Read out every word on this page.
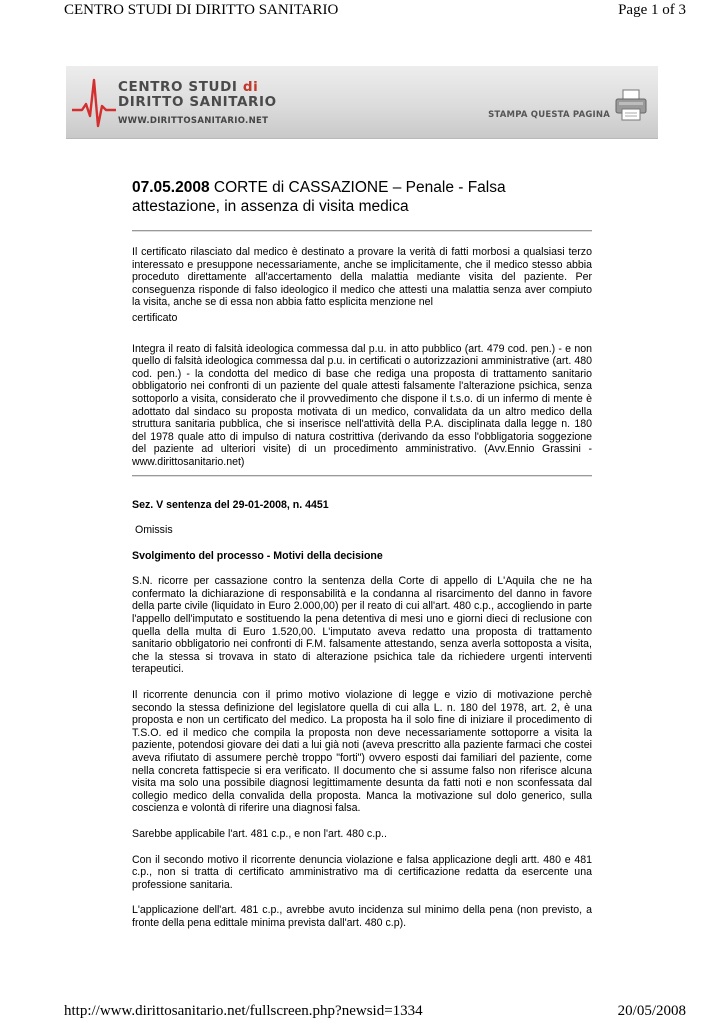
CENTRO STUDI DI DIRITTO SANITARIO	Page 1 of 3
CENTRO STUDI di
DIRITTO SANITARIO
WWW.DIRITTOSANITARIO.NET
STAMPA QUESTA PAGINA
07.05.2008 CORTE di CASSAZIONE – Penale - Falsa attestazione, in assenza di visita medica

Il certificato rilasciato dal medico è destinato a provare la verità di fatti morbosi a qualsiasi terzo interessato e presuppone necessariamente, anche se implicitamente, che il medico stesso abbia proceduto direttamente all'accertamento della malattia mediante visita del paziente. Per conseguenza risponde di falso ideologico il medico che attesti una malattia senza aver compiuto la visita, anche se di essa non abbia fatto esplicita menzione nel

certificato

Integra il reato di falsità ideologica commessa dal p.u. in atto pubblico (art. 479 cod. pen.) - e non quello di falsità ideologica commessa dal p.u. in certificati o autorizzazioni amministrative (art. 480 cod. pen.) - la condotta del medico di base che rediga una proposta di trattamento sanitario obbligatorio nei confronti di un paziente del quale attesti falsamente l'alterazione psichica, senza sottoporlo a visita, considerato che il provvedimento che dispone il t.s.o. di un infermo di mente è adottato dal sindaco su proposta motivata di un medico, convalidata da un altro medico della struttura sanitaria pubblica, che si inserisce nell'attività della P.A. disciplinata dalla legge n. 180 del 1978 quale atto di impulso di natura costrittiva (derivando da esso l'obbligatoria soggezione del paziente ad ulteriori visite) di un procedimento amministrativo. (Avv.Ennio Grassini - www.dirittosanitario.net)

Sez. V sentenza del 29-01-2008, n. 4451

Omissis

Svolgimento del processo - Motivi della decisione

S.N. ricorre per cassazione contro la sentenza della Corte di appello di L'Aquila che ne ha confermato la dichiarazione di responsabilità e la condanna al risarcimento del danno in favore della parte civile (liquidato in Euro 2.000,00) per il reato di cui all'art. 480 c.p., accogliendo in parte l'appello dell'imputato e sostituendo la pena detentiva di mesi uno e giorni dieci di reclusione con quella della multa di Euro 1.520,00. L'imputato aveva redatto una proposta di trattamento sanitario obbligatorio nei confronti di F.M. falsamente attestando, senza averla sottoposta a visita, che la stessa si trovava in stato di alterazione psichica tale da richiedere urgenti interventi terapeutici.

Il ricorrente denuncia con il primo motivo violazione di legge e vizio di motivazione perchè secondo la stessa definizione del legislatore quella di cui alla L. n. 180 del 1978, art. 2, è una proposta e non un certificato del medico. La proposta ha il solo fine di iniziare il procedimento di T.S.O. ed il medico che compila la proposta non deve necessariamente sottoporre a visita la paziente, potendosi giovare dei dati a lui già noti (aveva prescritto alla paziente farmaci che costei aveva rifiutato di assumere perchè troppo "forti") ovvero esposti dai familiari del paziente, come nella concreta fattispecie si era verificato. Il documento che si assume falso non riferisce alcuna visita ma solo una possibile diagnosi legittimamente desunta da fatti noti e non sconfessata dal collegio medico della convalida della proposta. Manca la motivazione sul dolo generico, sulla coscienza e volontà di riferire una diagnosi falsa.

Sarebbe applicabile l'art. 481 c.p., e non l'art. 480 c.p..

Con il secondo motivo il ricorrente denuncia violazione e falsa applicazione degli artt. 480 e 481 c.p., non si tratta di certificato amministrativo ma di certificazione redatta da esercente una professione sanitaria.

L'applicazione dell'art. 481 c.p., avrebbe avuto incidenza sul minimo della pena (non previsto, a fronte della pena edittale minima prevista dall'art. 480 c.p).

http://www.dirittosanitario.net/fullscreen.php?newsid=1334	20/05/2008
